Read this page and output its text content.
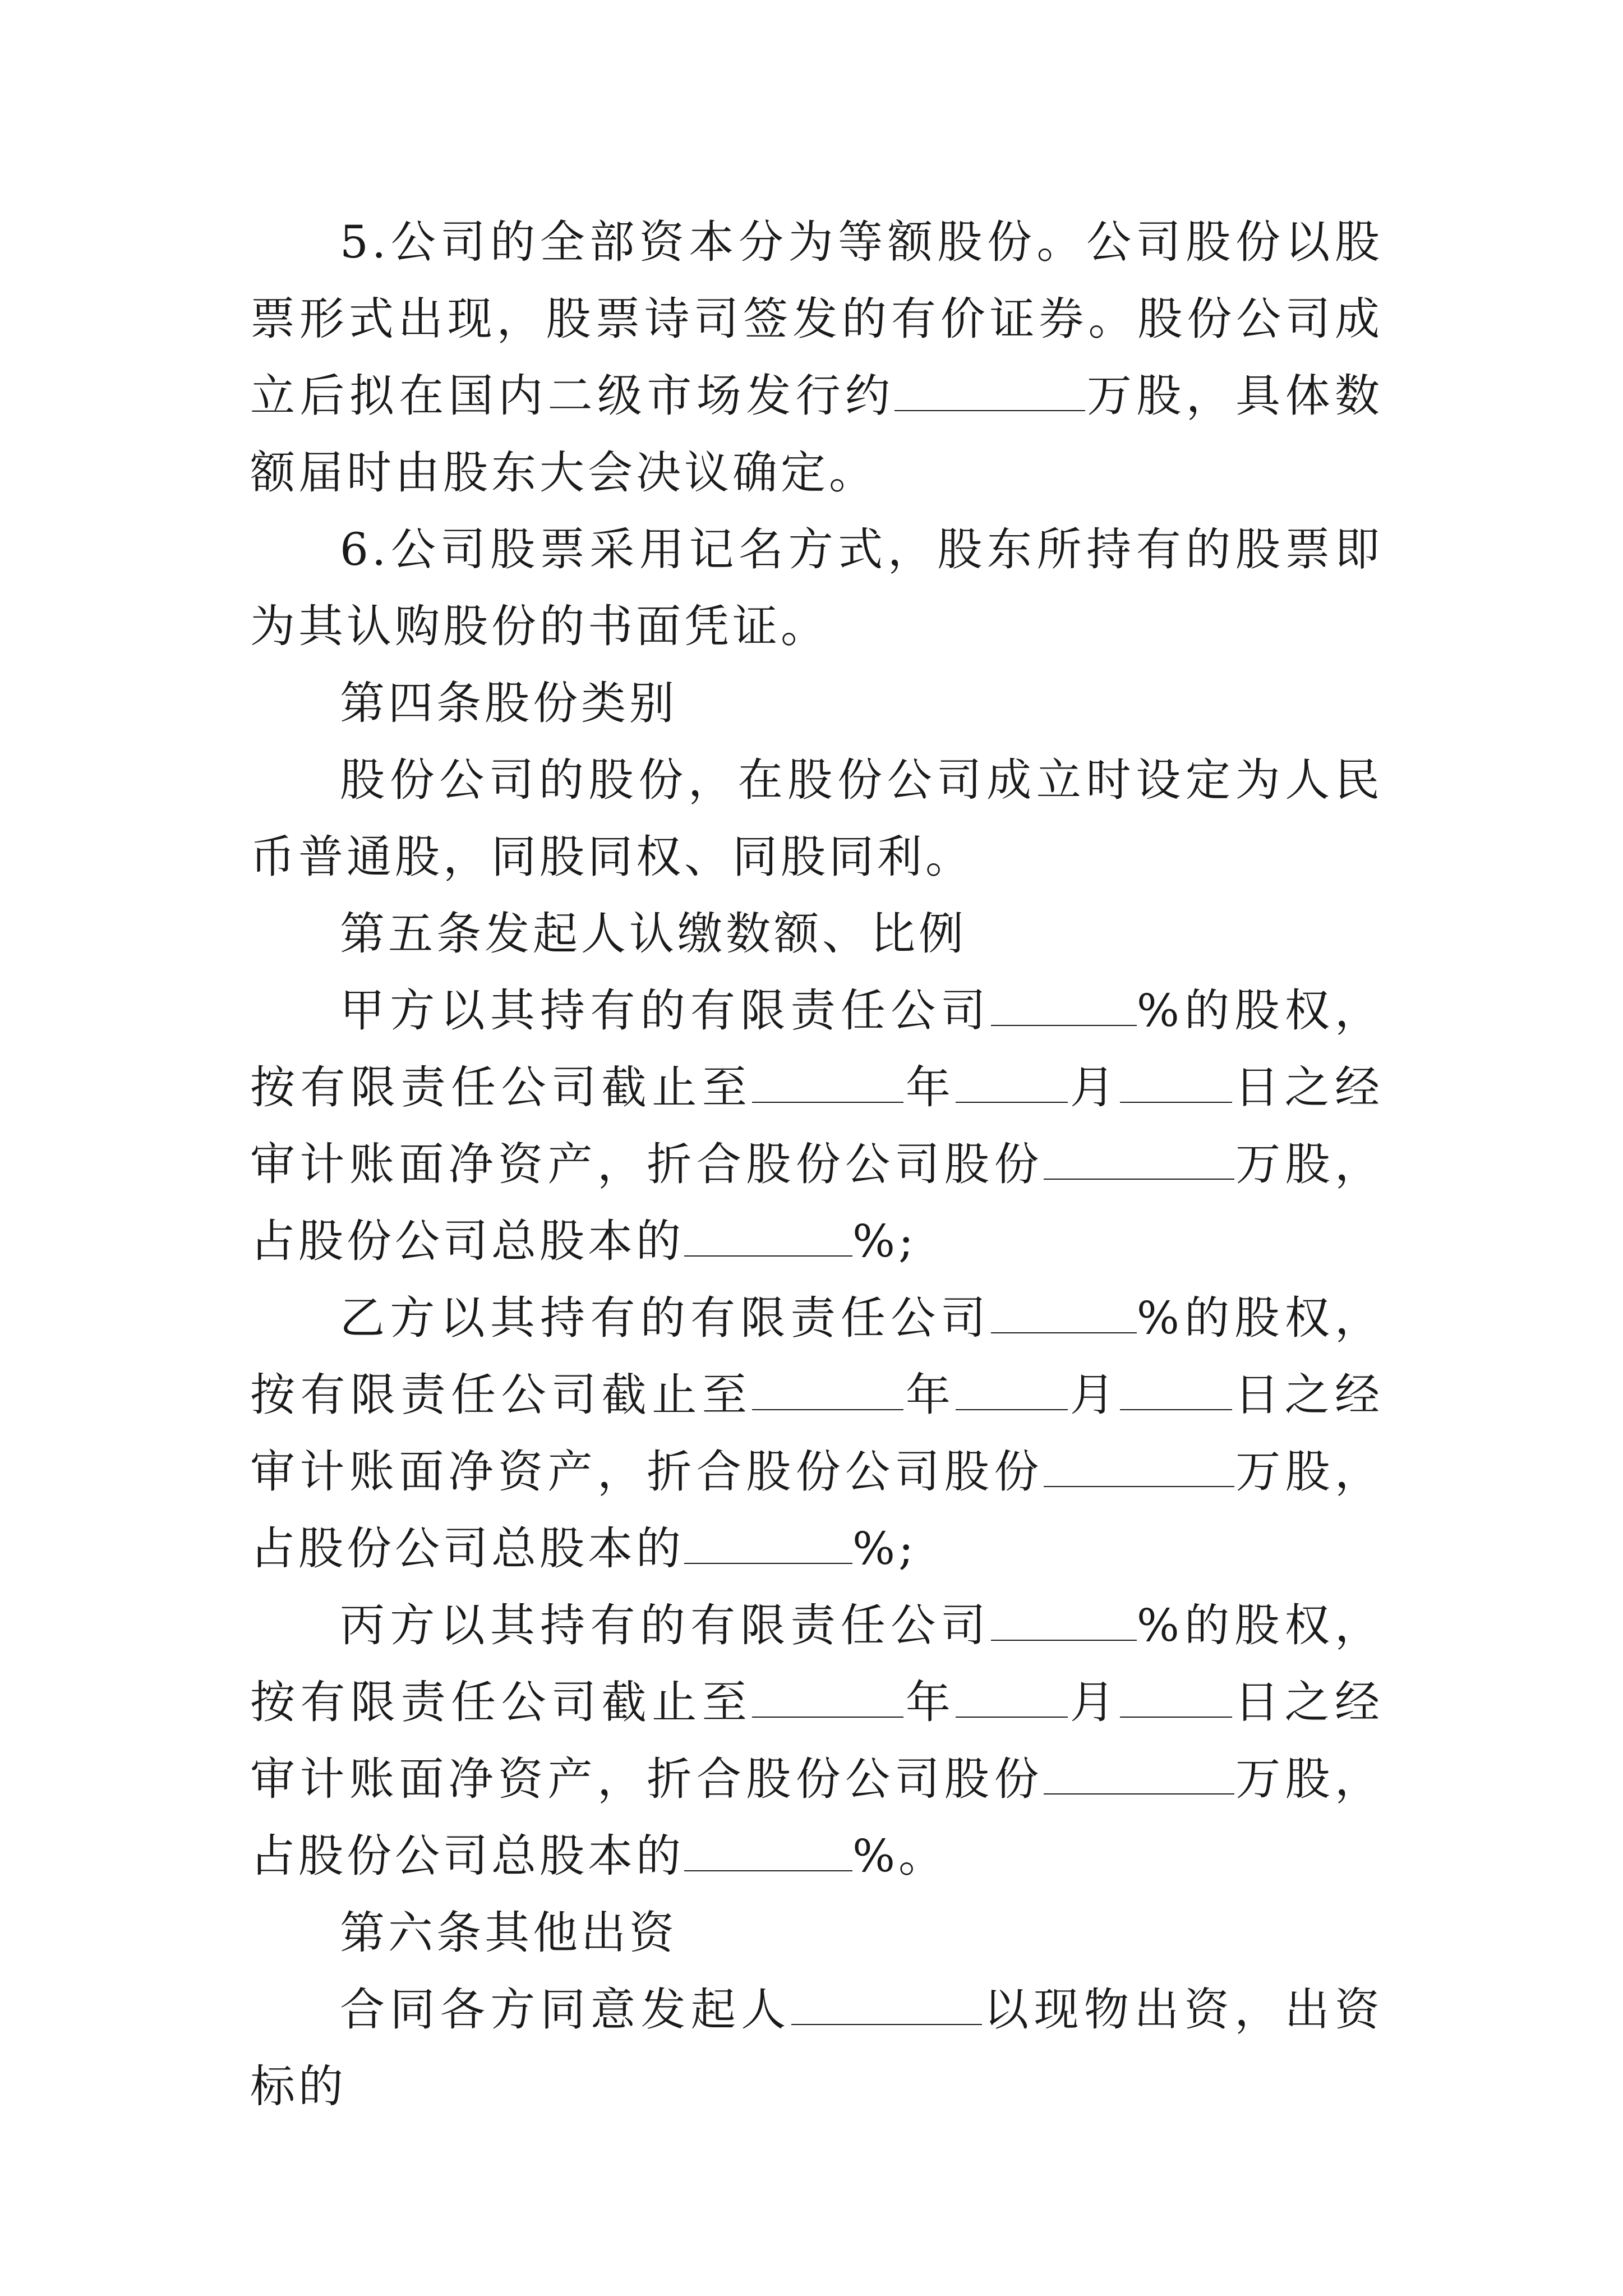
5.公司的全部资本分为等额股份。公司股份以股票形式出现，股票诗司签发的有价证券。股份公司成立后拟在国内二级市场发行约	万股，具体数额届时由股东大会决议确定。

6.公司股票采用记名方式，股东所持有的股票即为其认购股份的书面凭证。

第四条股份类别

股份公司的股份，在股份公司成立时设定为人民币普通股，同股同权、同股同利。

第五条发起人认缴数额、比例

甲方以其持有的有限责任公司	%的股权，按有限责任公司截止至	年	月	日之经审计账面净资产，折合股份公司股份	万股，占股份公司总股本的	%;

乙方以其持有的有限责任公司	%的股权，按有限责任公司截止至	年	月	日之经审计账面净资产，折合股份公司股份	万股，占股份公司总股本的	%;

丙方以其持有的有限责任公司	%的股权，按有限责任公司截止至	年	月	日之经审计账面净资产，折合股份公司股份	万股，占股份公司总股本的	%。

第六条其他出资

合同各方同意发起人	以现物出资，出资标的
